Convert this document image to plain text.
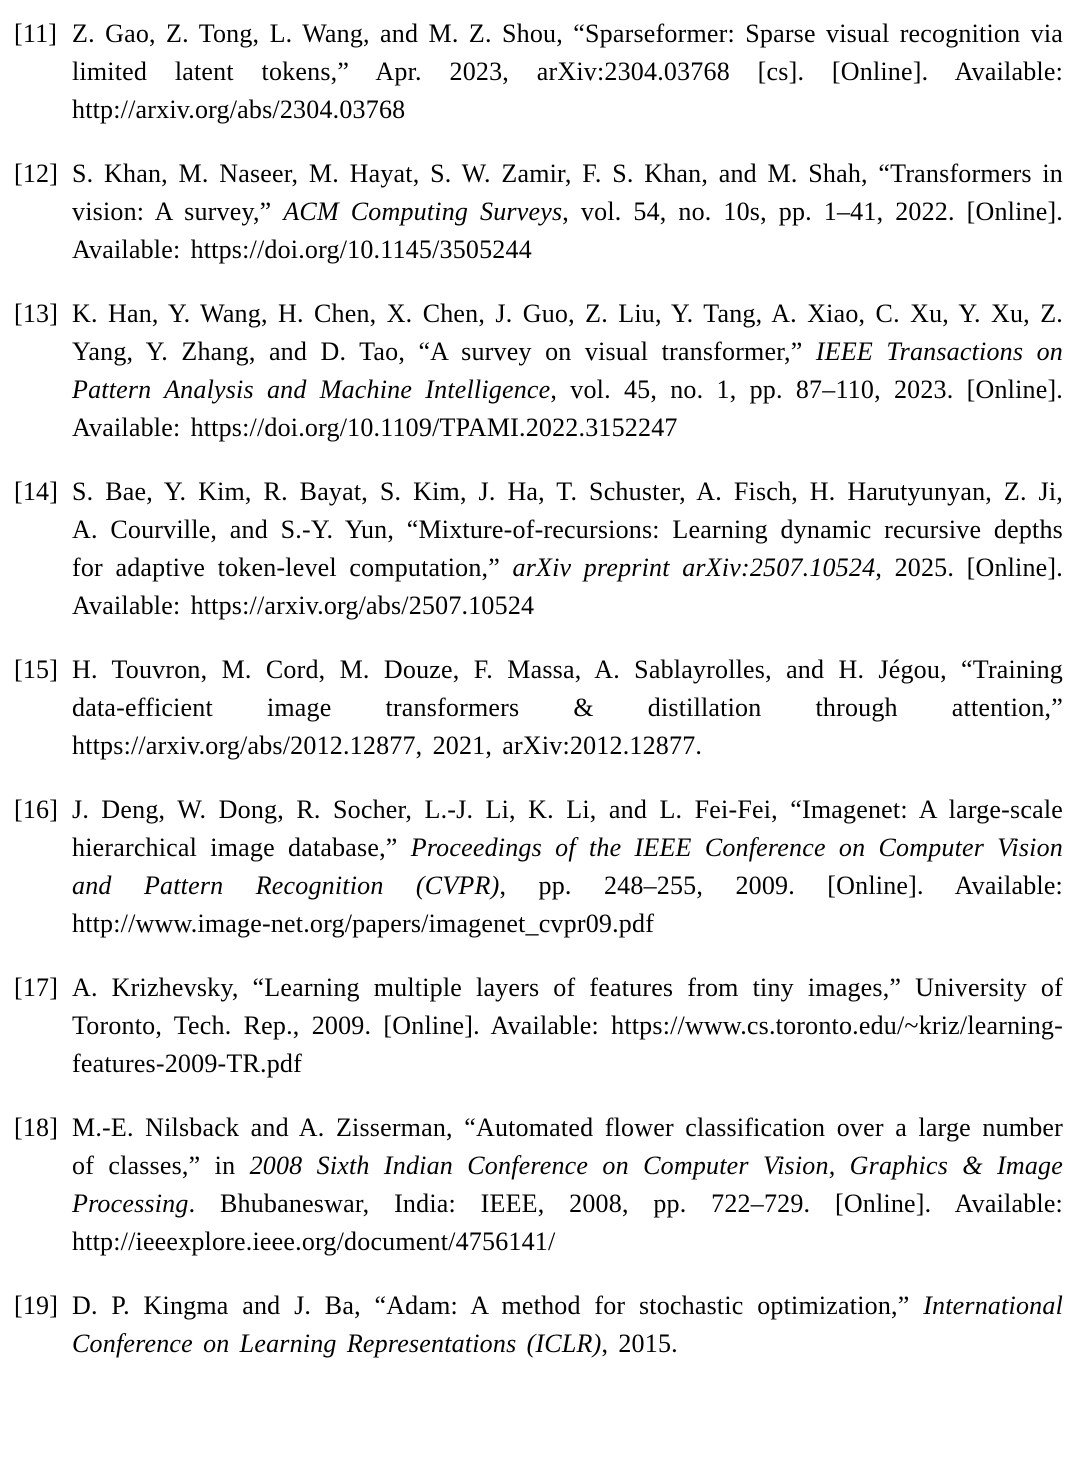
[11] Z. Gao, Z. Tong, L. Wang, and M. Z. Shou, “Sparseformer: Sparse visual recognition via limited latent tokens,” Apr. 2023, arXiv:2304.03768 [cs]. [Online]. Available: http://arxiv.org/abs/2304.03768
[12] S. Khan, M. Naseer, M. Hayat, S. W. Zamir, F. S. Khan, and M. Shah, “Transformers in vision: A survey,” ACM Computing Surveys, vol. 54, no. 10s, pp. 1–41, 2022. [Online]. Available: https://doi.org/10.1145/3505244
[13] K. Han, Y. Wang, H. Chen, X. Chen, J. Guo, Z. Liu, Y. Tang, A. Xiao, C. Xu, Y. Xu, Z. Yang, Y. Zhang, and D. Tao, “A survey on visual transformer,” IEEE Transactions on Pattern Analysis and Machine Intelligence, vol. 45, no. 1, pp. 87–110, 2023. [Online]. Available: https://doi.org/10.1109/TPAMI.2022.3152247
[14] S. Bae, Y. Kim, R. Bayat, S. Kim, J. Ha, T. Schuster, A. Fisch, H. Harutyunyan, Z. Ji, A. Courville, and S.-Y. Yun, “Mixture-of-recursions: Learning dynamic recursive depths for adaptive token-level computation,” arXiv preprint arXiv:2507.10524, 2025. [Online]. Available: https://arxiv.org/abs/2507.10524
[15] H. Touvron, M. Cord, M. Douze, F. Massa, A. Sablayrolles, and H. Jégou, “Training data-efficient image transformers & distillation through attention,” https://arxiv.org/abs/2012.12877, 2021, arXiv:2012.12877.
[16] J. Deng, W. Dong, R. Socher, L.-J. Li, K. Li, and L. Fei-Fei, “Imagenet: A large-scale hierarchical image database,” Proceedings of the IEEE Conference on Computer Vision and Pattern Recognition (CVPR), pp. 248–255, 2009. [Online]. Available: http://www.image-net.org/papers/imagenet_cvpr09.pdf
[17] A. Krizhevsky, “Learning multiple layers of features from tiny images,” University of Toronto, Tech. Rep., 2009. [Online]. Available: https://www.cs.toronto.edu/~kriz/learning-features-2009-TR.pdf
[18] M.-E. Nilsback and A. Zisserman, “Automated flower classification over a large number of classes,” in 2008 Sixth Indian Conference on Computer Vision, Graphics & Image Processing. Bhubaneswar, India: IEEE, 2008, pp. 722–729. [Online]. Available: http://ieeexplore.ieee.org/document/4756141/
[19] D. P. Kingma and J. Ba, “Adam: A method for stochastic optimization,” International Conference on Learning Representations (ICLR), 2015.
